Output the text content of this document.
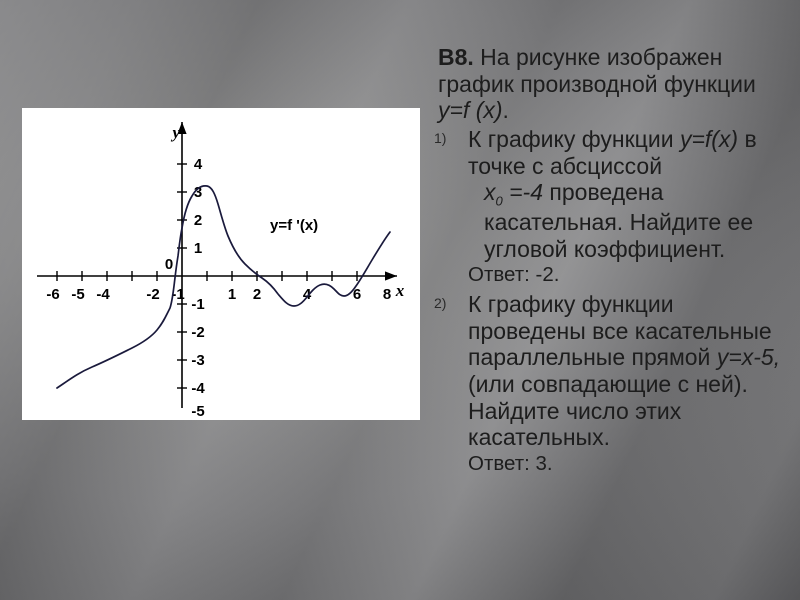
-6 -5 -4 -2 -1	1 2	4	6 8
4
3
2
1
-1
-2
-3
-4
-5
0
y
x
y=f '(x)

В8. На рисунке изображен график производной функции y=f (x).

1) К графику функции y=f(x) в точке с абсциссой
$x_0 =-4$ проведена касательная. Найдите ее угловой коэффициент.

Ответ: -2.

2) К графику функции проведены все касательные параллельные прямой y=x-5,(или совпадающие с ней). Найдите число этих касательных.

Ответ: 3.
